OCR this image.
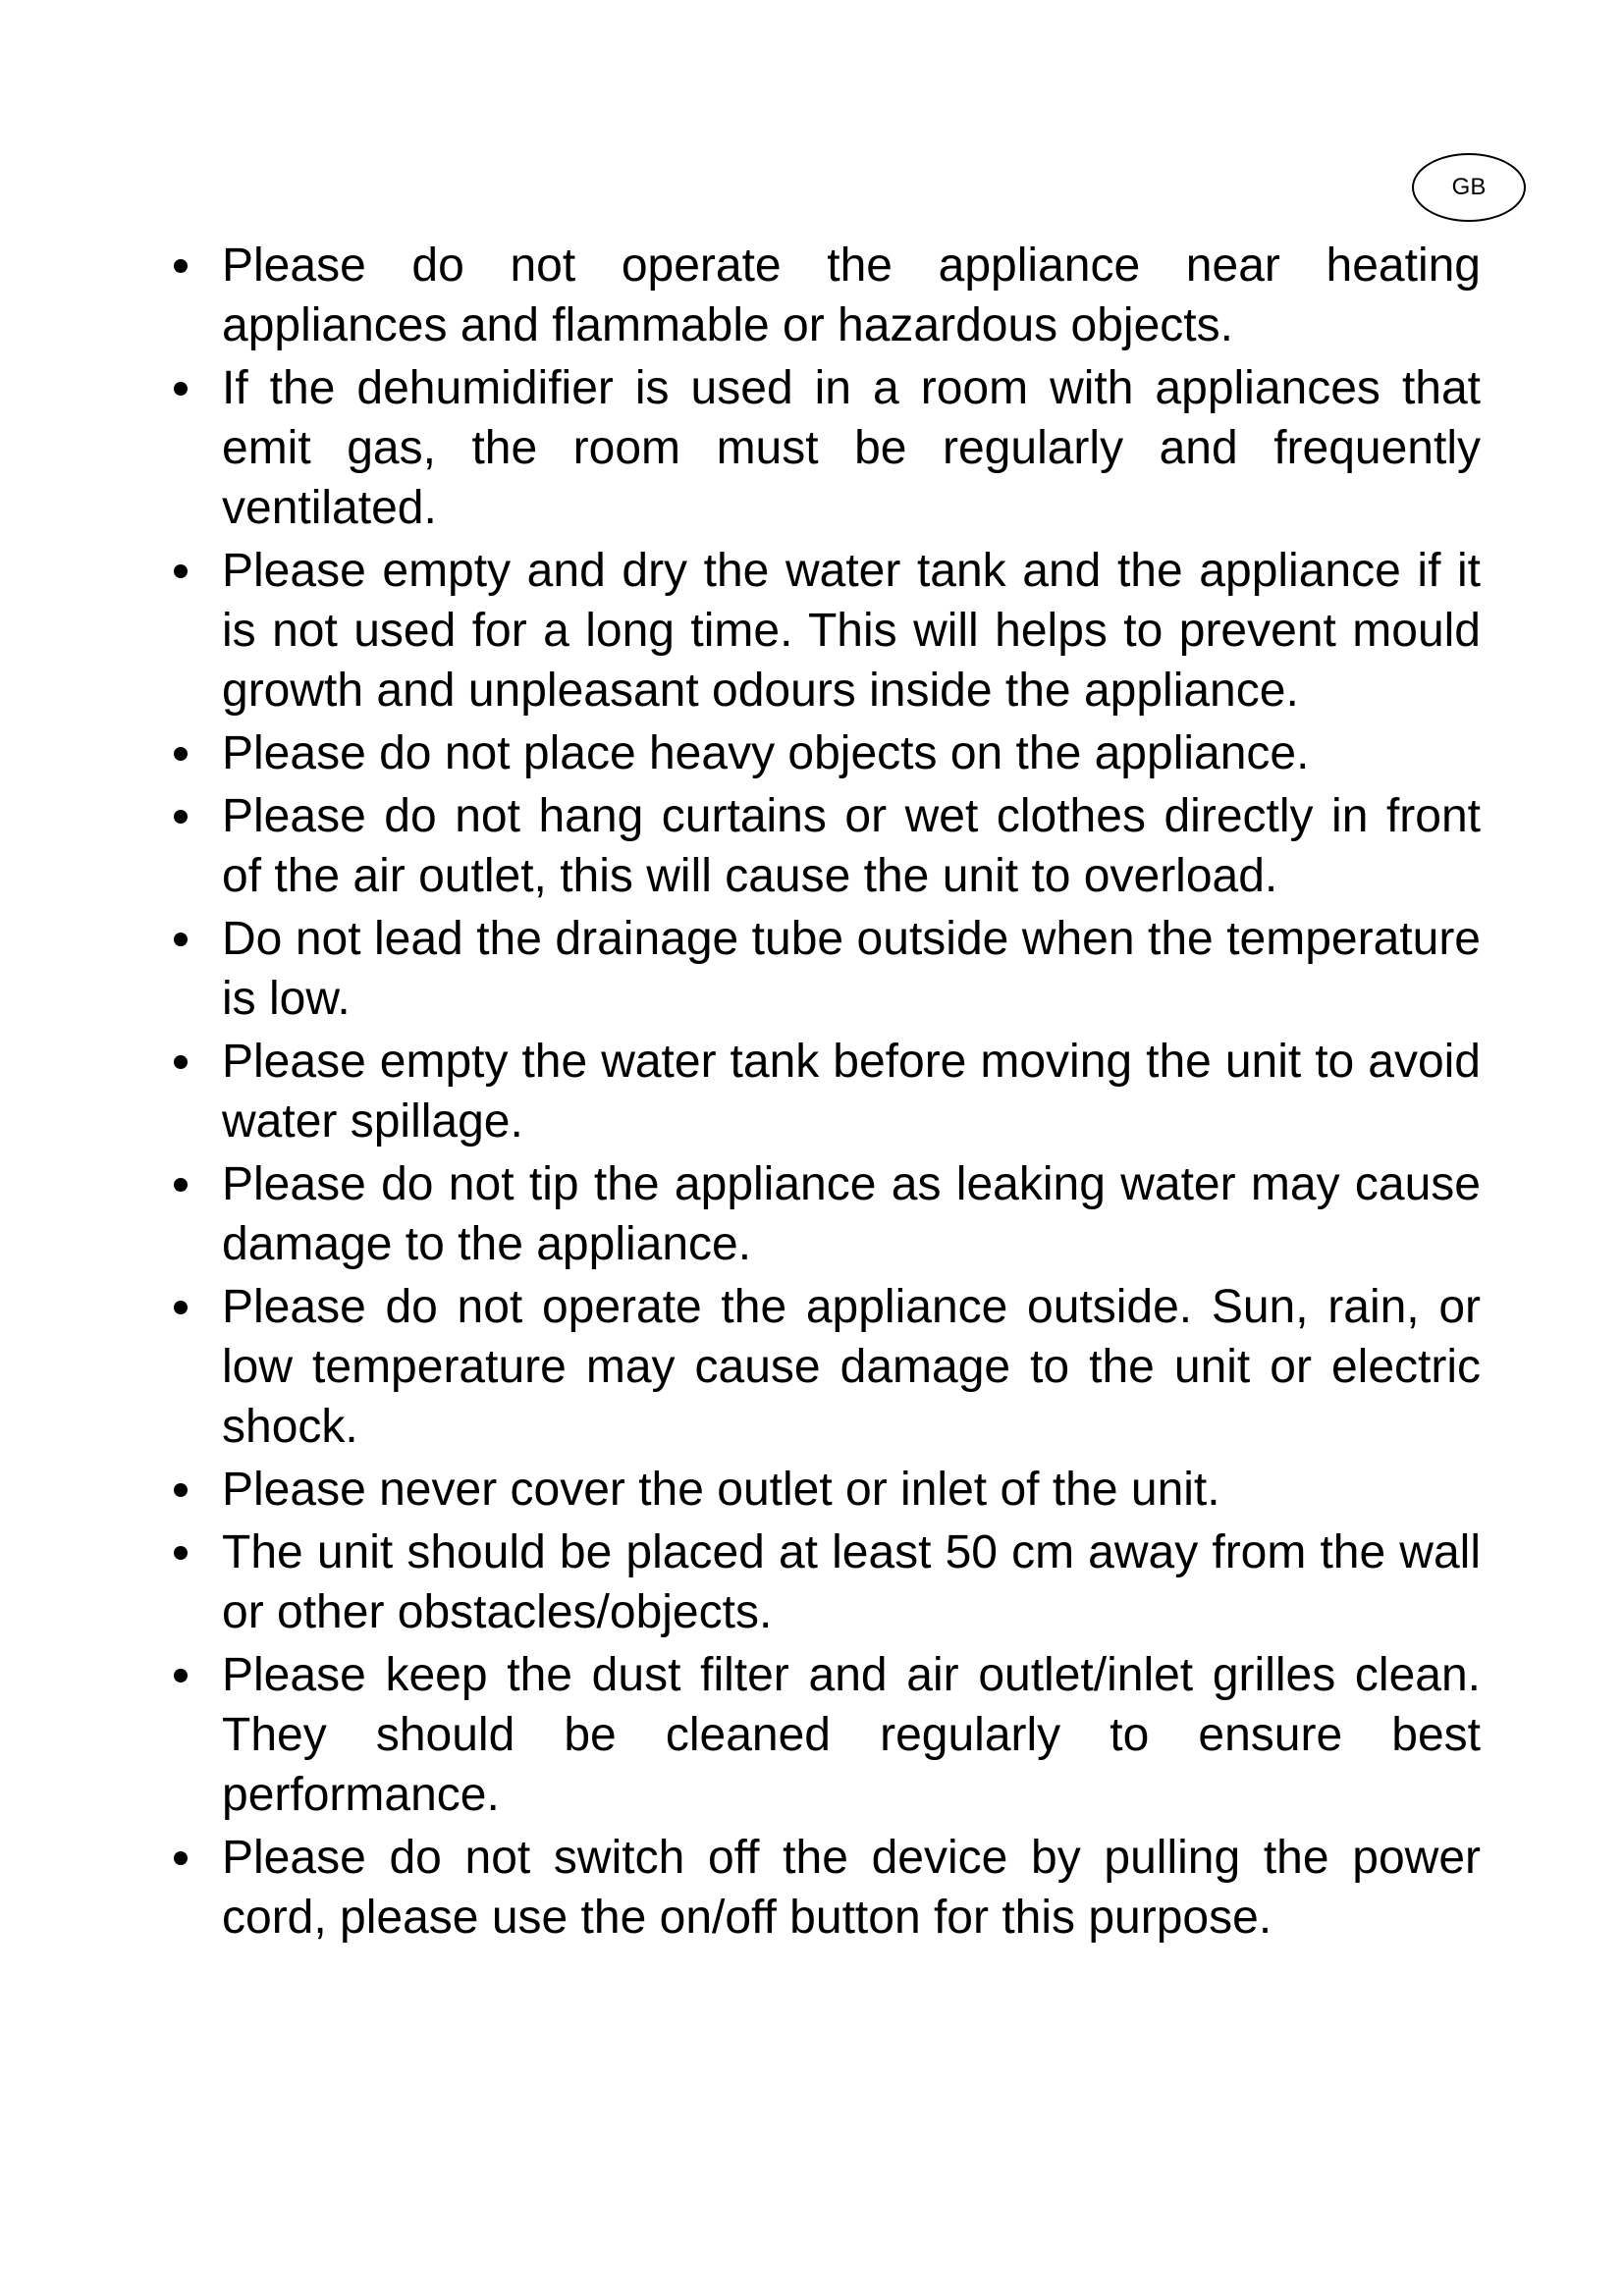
GB
Please do not operate the appliance near heating appliances and flammable or hazardous objects.
If the dehumidifier is used in a room with appliances that emit gas, the room must be regularly and frequently ventilated.
Please empty and dry the water tank and the appliance if it is not used for a long time. This will helps to prevent mould growth and unpleasant odours inside the appliance.
Please do not place heavy objects on the appliance.
Please do not hang curtains or wet clothes directly in front of the air outlet, this will cause the unit to overload.
Do not lead the drainage tube outside when the temperature is low.
Please empty the water tank before moving the unit to avoid water spillage.
Please do not tip the appliance as leaking water may cause damage to the appliance.
Please do not operate the appliance outside. Sun, rain, or low temperature may cause damage to the unit or electric shock.
Please never cover the outlet or inlet of the unit.
The unit should be placed at least 50 cm away from the wall or other obstacles/objects.
Please keep the dust filter and air outlet/inlet grilles clean. They should be cleaned regularly to ensure best performance.
Please do not switch off the device by pulling the power cord, please use the on/off button for this purpose.
